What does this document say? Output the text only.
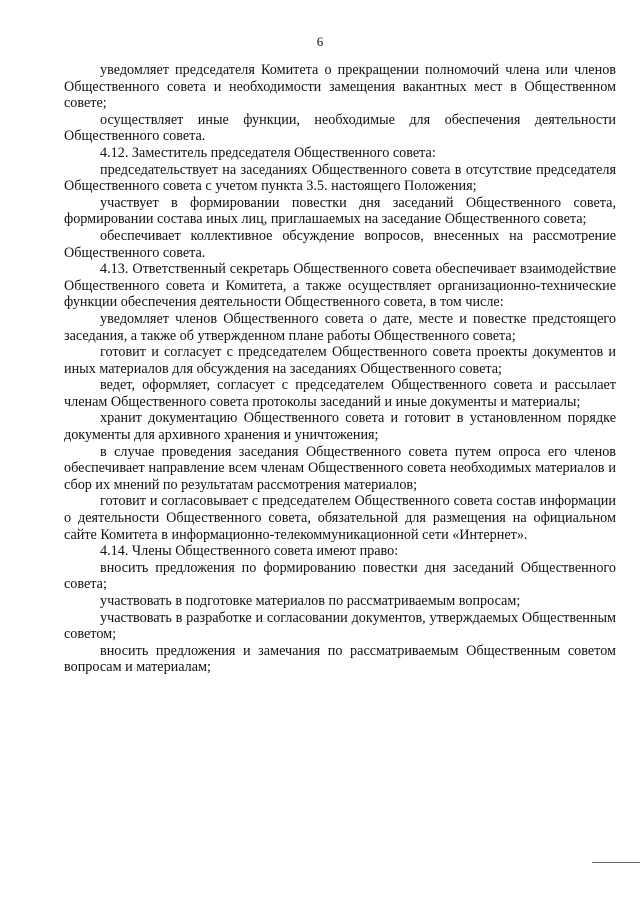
6

уведомляет председателя Комитета о прекращении полномочий члена или членов Общественного совета и необходимости замещения вакантных мест в Общественном совете;

осуществляет иные функции, необходимые для обеспечения деятельности Общественного совета.

4.12. Заместитель председателя Общественного совета:

председательствует на заседаниях Общественного совета в отсутствие председателя Общественного совета с учетом пункта 3.5. настоящего Положения;

участвует в формировании повестки дня заседаний Общественного совета, формировании состава иных лиц, приглашаемых на заседание Общественного совета;

обеспечивает коллективное обсуждение вопросов, внесенных на рассмотрение Общественного совета.

4.13. Ответственный секретарь Общественного совета обеспечивает взаимодействие Общественного совета и Комитета, а также осуществляет организационно-технические функции обеспечения деятельности Общественного совета, в том числе:

уведомляет членов Общественного совета о дате, месте и повестке предстоящего заседания, а также об утвержденном плане работы Общественного совета;

готовит и согласует с председателем Общественного совета проекты документов и иных материалов для обсуждения на заседаниях Общественного совета;

ведет, оформляет, согласует с председателем Общественного совета и рассылает членам Общественного совета протоколы заседаний и иные документы и материалы;

хранит документацию Общественного совета и готовит в установленном порядке документы для архивного хранения и уничтожения;

в случае проведения заседания Общественного совета путем опроса его членов обеспечивает направление всем членам Общественного совета необходимых материалов и сбор их мнений по результатам рассмотрения материалов;

готовит и согласовывает с председателем Общественного совета состав информации о деятельности Общественного совета, обязательной для размещения на официальном сайте Комитета в информационно-телекоммуникационной сети «Интернет».

4.14. Члены Общественного совета имеют право:

вносить предложения по формированию повестки дня заседаний Общественного совета;

участвовать в подготовке материалов по рассматриваемым вопросам;

участвовать в разработке и согласовании документов, утверждаемых Общественным советом;

вносить предложения и замечания по рассматриваемым Общественным советом вопросам и материалам;
